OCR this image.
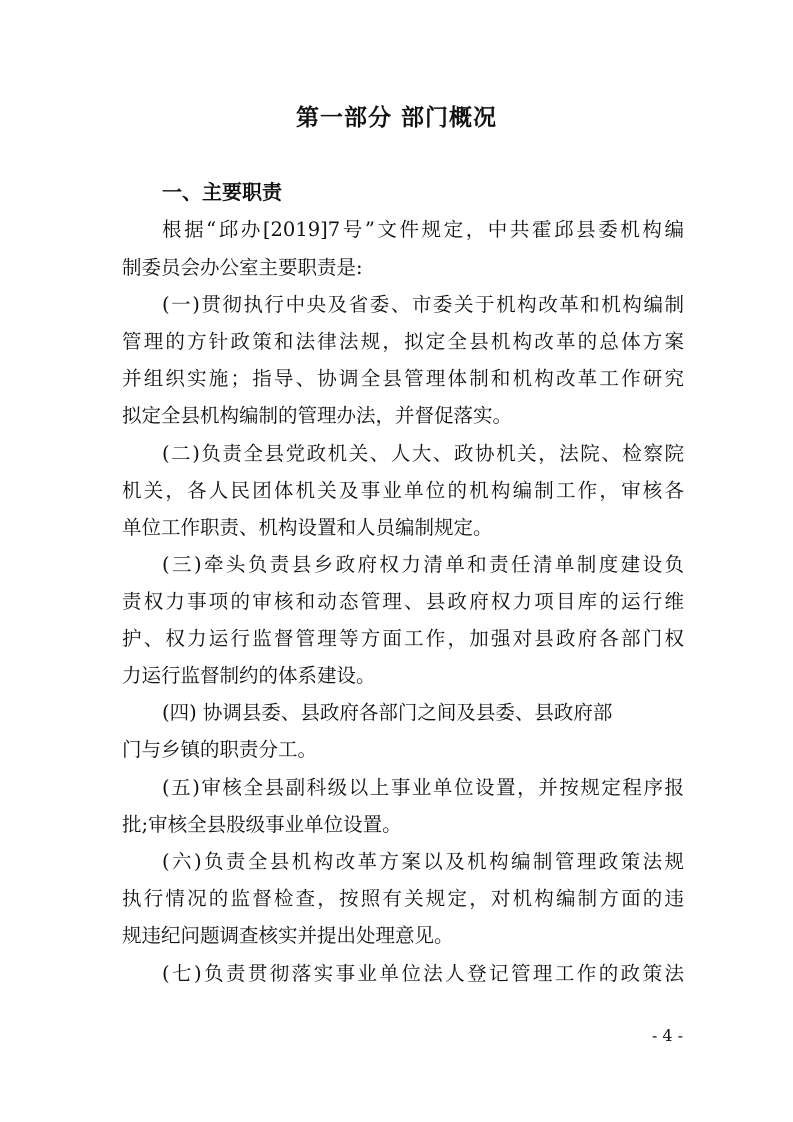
第一部分 部门概况
一、主要职责
根据“邱办[2019]7号”文件规定，中共霍邱县委机构编
制委员会办公室主要职责是:
(一)贯彻执行中央及省委、市委关于机构改革和机构编制
管理的方针政策和法律法规，拟定全县机构改革的总体方案
并组织实施；指导、协调全县管理体制和机构改革工作研究
拟定全县机构编制的管理办法，并督促落实。
(二)负责全县党政机关、人大、政协机关，法院、检察院
机关，各人民团体机关及事业单位的机构编制工作，审核各
单位工作职责、机构设置和人员编制规定。
(三)牵头负责县乡政府权力清单和责任清单制度建设负
责权力事项的审核和动态管理、县政府权力项目库的运行维
护、权力运行监督管理等方面工作，加强对县政府各部门权
力运行监督制约的体系建设。
(四) 协调县委、县政府各部门之间及县委、县政府部
门与乡镇的职责分工。
(五)审核全县副科级以上事业单位设置，并按规定程序报
批;审核全县股级事业单位设置。
(六)负责全县机构改革方案以及机构编制管理政策法规
执行情况的监督检查，按照有关规定，对机构编制方面的违
规违纪问题调查核实并提出处理意见。
(七)负责贯彻落实事业单位法人登记管理工作的政策法
- 4 -
